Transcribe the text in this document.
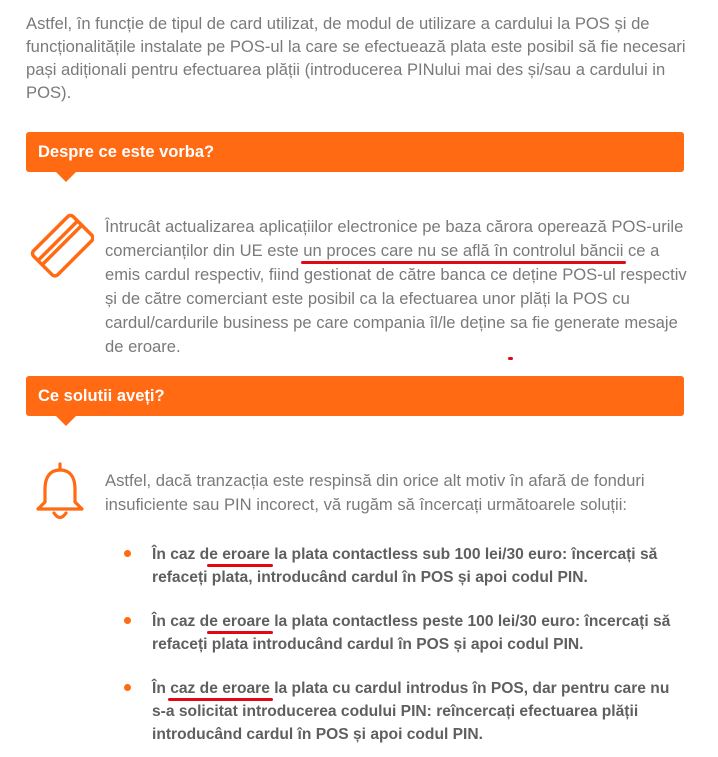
Astfel, în funcție de tipul de card utilizat, de modul de utilizare a cardului la POS și de funcționalitățile instalate pe POS-ul la care se efectuează plata este posibil să fie necesari pași adiționali pentru efectuarea plății (introducerea PINului mai des și/sau a cardului in POS).

Despre ce este vorba?

Întrucât actualizarea aplicațiilor electronice pe baza cărora operează POS-urile comercianților din UE este un proces care nu se află în controlul băncii ce a emis cardul respectiv, fiind gestionat de către banca ce deține POS-ul respectiv și de către comerciant este posibil ca la efectuarea unor plăți la POS cu cardul/cardurile business pe care compania îl/le deține sa fie generate mesaje de eroare.

Ce solutii aveți?

Astfel, dacă tranzacția este respinsă din orice alt motiv în afară de fonduri insuficiente sau PIN incorect, vă rugăm să încercați următoarele soluții:

În caz de eroare la plata contactless sub 100 lei/30 euro: încercați să refaceți plata, introducând cardul în POS și apoi codul PIN.

În caz de eroare la plata contactless peste 100 lei/30 euro: încercați să refaceți plata introducând cardul în POS și apoi codul PIN.

În caz de eroare la plata cu cardul introdus în POS, dar pentru care nu s-a solicitat introducerea codului PIN: reîncercați efectuarea plății introducând cardul în POS și apoi codul PIN.
